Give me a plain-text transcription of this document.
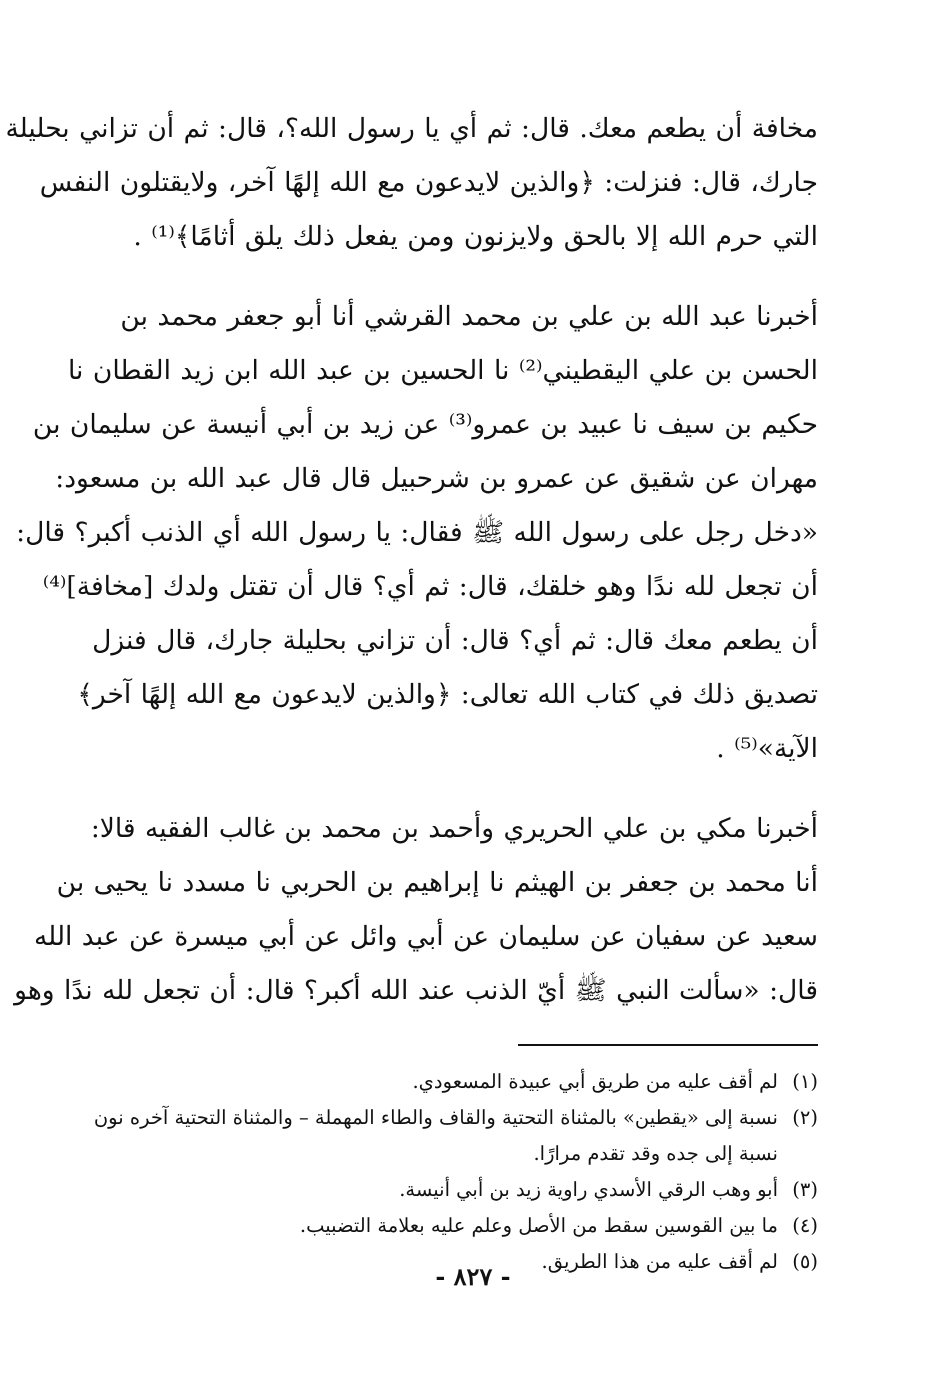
مخافة أن يطعم معك. قال: ثم أي يا رسول الله؟، قال: ثم أن تزاني بحليلة
جارك، قال: فنزلت: ﴿والذين لايدعون مع الله إلهًا آخر، ولايقتلون النفس
التي حرم الله إلا بالحق ولايزنون ومن يفعل ذلك يلق أثامًا﴾⁽¹⁾ .
أخبرنا عبد الله بن علي بن محمد القرشي أنا أبو جعفر محمد بن
الحسن بن علي اليقطيني⁽²⁾ نا الحسين بن عبد الله ابن زيد القطان نا
حكيم بن سيف نا عبيد بن عمرو⁽³⁾ عن زيد بن أبي أنيسة عن سليمان بن
مهران عن شقيق عن عمرو بن شرحبيل قال قال عبد الله بن مسعود:
«دخل رجل على رسول الله ﷺ فقال: يا رسول الله أي الذنب أكبر؟ قال:
أن تجعل لله ندًا وهو خلقك، قال: ثم أي؟ قال أن تقتل ولدك [مخافة]⁽⁴⁾
أن يطعم معك قال: ثم أي؟ قال: أن تزاني بحليلة جارك، قال فنزل
تصديق ذلك في كتاب الله تعالى: ﴿والذين لايدعون مع الله إلهًا آخر﴾
الآية»⁽⁵⁾ .
أخبرنا مكي بن علي الحريري وأحمد بن محمد بن غالب الفقيه قالا:
أنا محمد بن جعفر بن الهيثم نا إبراهيم بن الحربي نا مسدد نا يحيى بن
سعيد عن سفيان عن سليمان عن أبي وائل عن أبي ميسرة عن عبد الله
قال: «سألت النبي ﷺ أيّ الذنب عند الله أكبر؟ قال: أن تجعل لله ندًا وهو
(١)
لم أقف عليه من طريق أبي عبيدة المسعودي.
(٢)
نسبة إلى «يقطين» بالمثناة التحتية والقاف والطاء المهملة – والمثناة التحتية آخره نون
نسبة إلى جده وقد تقدم مرارًا.
(٣)
أبو وهب الرقي الأسدي راوية زيد بن أبي أنيسة.
(٤)
ما بين القوسين سقط من الأصل وعلم عليه بعلامة التضبيب.
(٥)
لم أقف عليه من هذا الطريق.
- ٨٢٧ -
